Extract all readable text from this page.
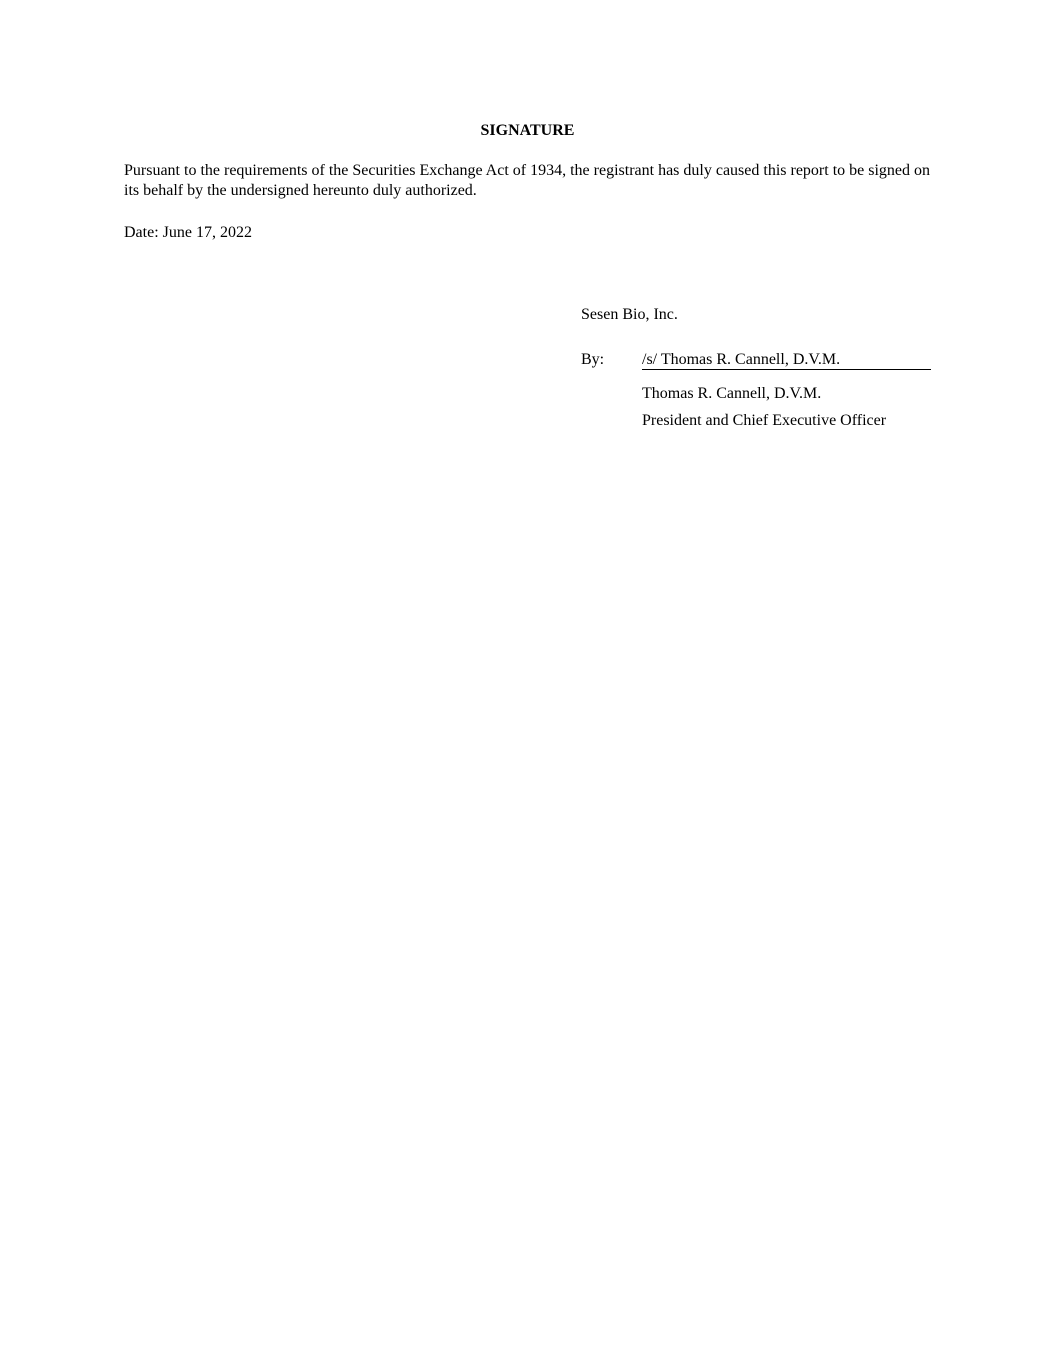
SIGNATURE
Pursuant to the requirements of the Securities Exchange Act of 1934, the registrant has duly caused this report to be signed on its behalf by the undersigned hereunto duly authorized.
Date: June 17, 2022
Sesen Bio, Inc.
By: /s/ Thomas R. Cannell, D.V.M.
Thomas R. Cannell, D.V.M.
President and Chief Executive Officer
